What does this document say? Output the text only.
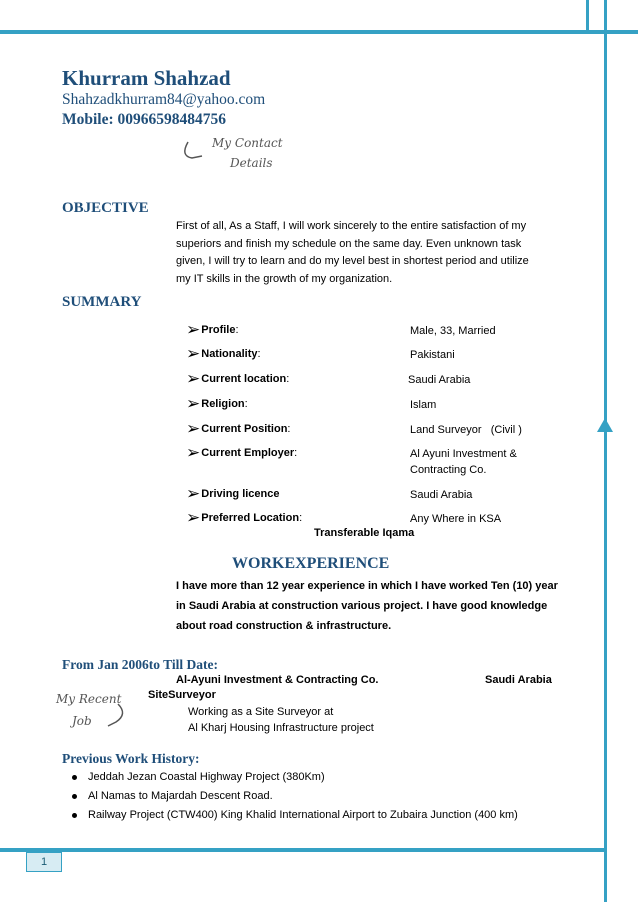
1
Khurram Shahzad
Shahzadkhurram84@yahoo.com
Mobile: 00966598484756
My Contact
Details
OBJECTIVE
First of all, As a Staff, I will work sincerely to the entire satisfaction of my
superiors and finish my schedule on the same day. Even unknown task
given, I will try to learn and do my level best in shortest period and utilize
my IT skills in the growth of my organization.
SUMMARY
➢ Profile :	Male, 33, Married
➢ Nationality :	Pakistani
➢ Current location :	Saudi Arabia
➢ Religion :	Islam
➢ Current Position :	Land Surveyor   (Civil )
➢ Current Employer :	Al Ayuni Investment &
Contracting Co.
➢ Driving licence	Saudi Arabia
➢ Preferred Location :	Any Where in KSA
Transferable Iqama
WORKEXPERIENCE
I have more than 12 year experience in which I have worked Ten (10) year
in Saudi Arabia at construction various project. I have good knowledge
about road construction & infrastructure.
From Jan 2006to Till Date:
Al-Ayuni Investment & Contracting Co.	Saudi Arabia
SiteSurveyor
Working as a Site Surveyor at
Al Kharj Housing Infrastructure project
My Recent
Job
Previous Work History:
Jeddah Jezan Coastal Highway Project (380Km)
Al Namas to Majardah Descent Road.
Railway Project (CTW400) King Khalid International Airport to Zubaira Junction (400 km)
